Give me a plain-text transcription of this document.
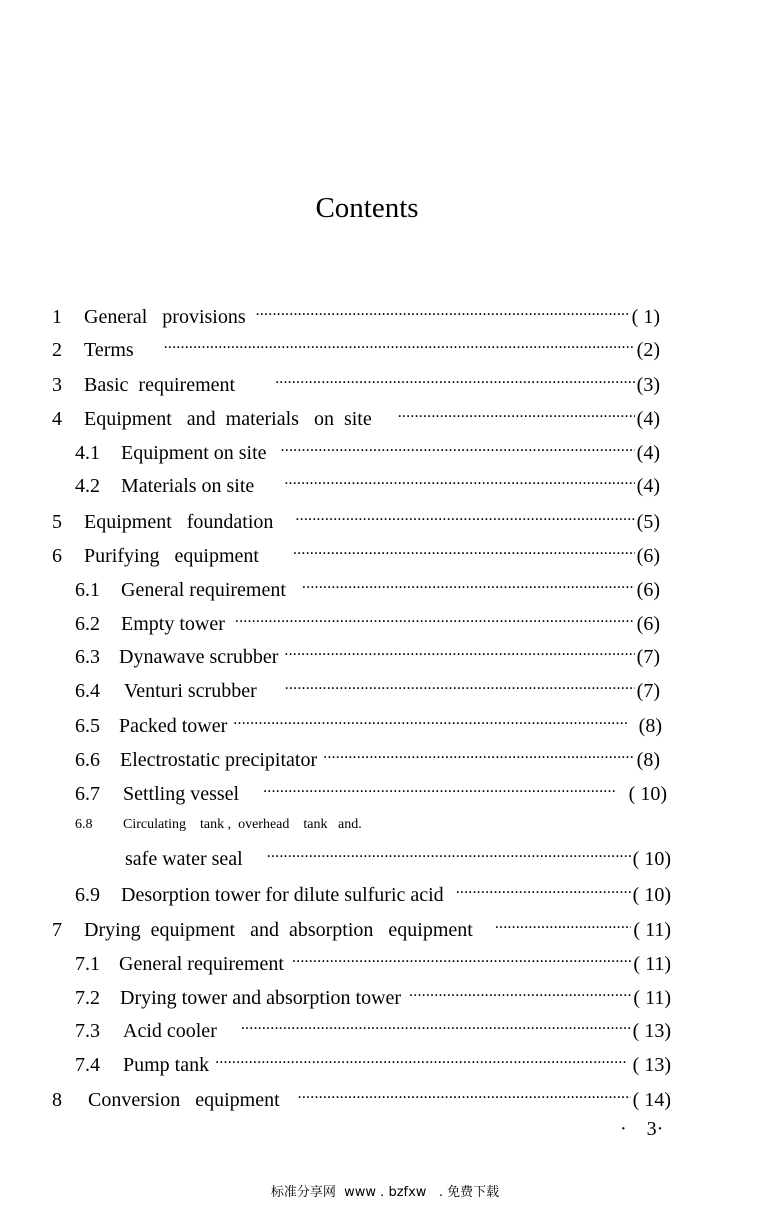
Contents
1	General   provisions .....	( 1)
2	Terms .....	(2)
3	Basic  requirement .....	(3)
4	Equipment   and  materials   on  site .....	(4)
4.1	Equipment on site .....	(4)
4.2	Materials on site .....	(4)
5	Equipment   foundation .....	(5)
6	Purifying   equipment .....	(6)
6.1	General requirement .....	(6)
6.2	Empty tower .....	(6)
6.3 Dynawave scrubber .....	(7)
6.4	Venturi scrubber .....	(7)
6.5 Packed tower .....	(8)
6.6	Electrostatic precipitator .....	(8)
6.7	Settling vessel .....	( 10)
6.8 Circulating    tank ,  overhead    tank   and.
safe water seal .....	( 10)
6.9	Desorption tower for dilute sulfuric acid .....	( 10)
7	Drying  equipment   and  absorption   equipment .....	( 11)
7.1 General requirement .....	( 11)
7.2	Drying tower and absorption tower .....	( 11)
7.3	Acid cooler .....	( 13)
7.4	Pump tank .....	( 13)
8	Conversion   equipment .....	( 14)
·    3·
标准分享网  www . bzfxw   . 免费下载
